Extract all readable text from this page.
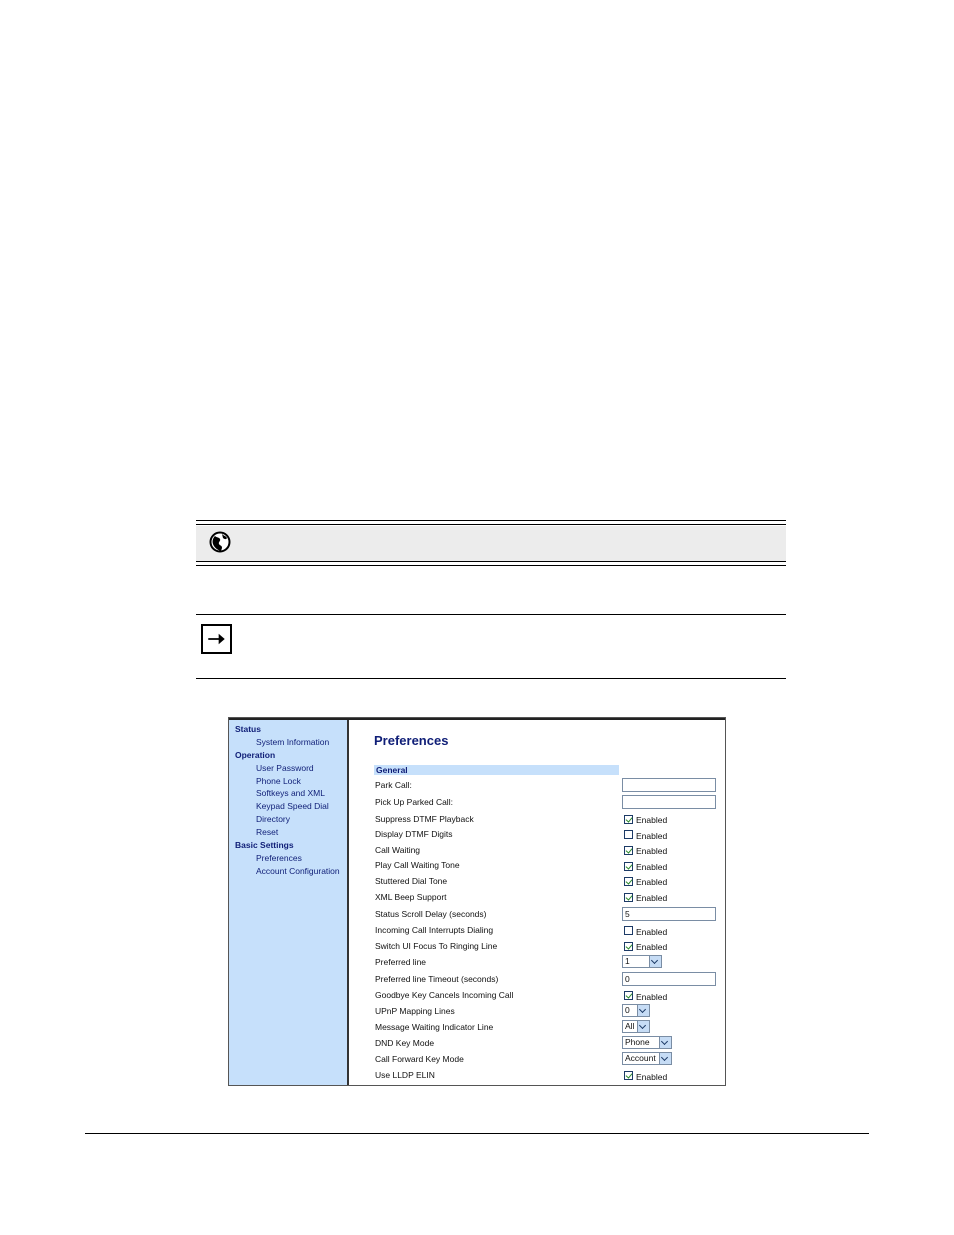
Status
System Information
Operation
User Password
Phone Lock
Softkeys and XML
Keypad Speed Dial
Directory
Reset
Basic Settings
Preferences
Account Configuration
Preferences
General
Park Call:
Pick Up Parked Call:
Suppress DTMF Playback	Enabled
Display DTMF Digits	Enabled
Call Waiting	Enabled
Play Call Waiting Tone	Enabled
Stuttered Dial Tone	Enabled
XML Beep Support	Enabled
Status Scroll Delay (seconds)	5
Incoming Call Interrupts Dialing	Enabled
Switch UI Focus To Ringing Line	Enabled
Preferred line	1
Preferred line Timeout (seconds)	0
Goodbye Key Cancels Incoming Call	Enabled
UPnP Mapping Lines	0
Message Waiting Indicator Line	All
DND Key Mode	Phone
Call Forward Key Mode	Account
Use LLDP ELIN	Enabled
